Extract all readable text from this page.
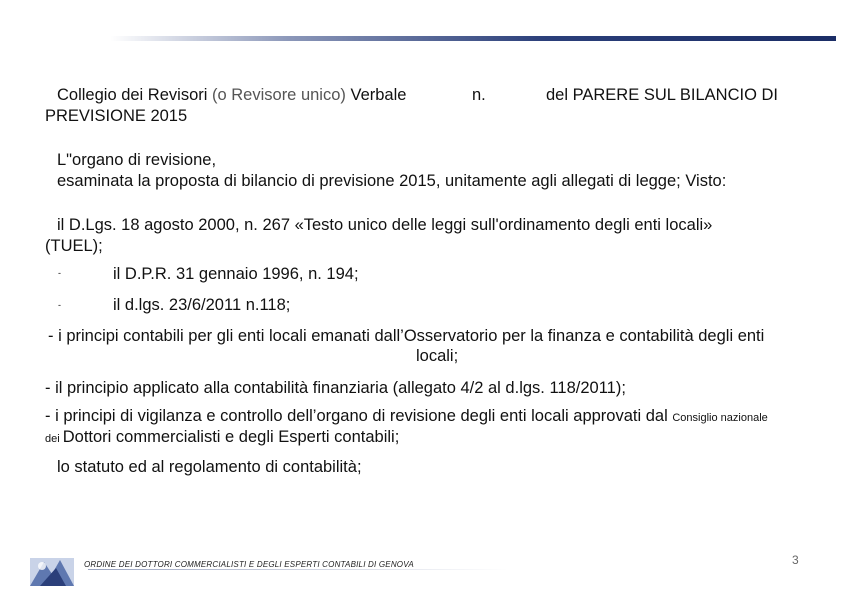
Collegio dei Revisori (o Revisore unico) Verbale	n.	del PARERE SUL BILANCIO DI
PREVISIONE 2015
L"organo di revisione,
esaminata la proposta di bilancio di previsione 2015, unitamente agli allegati di legge; Visto:
il D.Lgs. 18 agosto 2000, n. 267 «Testo unico delle leggi sull'ordinamento degli enti locali»
(TUEL);
-	il D.P.R. 31 gennaio 1996, n. 194;
-	il d.lgs. 23/6/2011 n.118;
- i principi contabili per gli enti locali emanati dall’Osservatorio per la finanza e contabilità degli enti
locali;
- il principio applicato alla contabilità finanziaria (allegato 4/2 al d.lgs. 118/2011);
- i principi di vigilanza e controllo dell’organo di revisione degli enti locali approvati dal Consiglio nazionale
dei Dottori commercialisti e degli Esperti contabili;
lo statuto ed al regolamento di contabilità;
ORDINE DEI DOTTORI COMMERCIALISTI E DEGLI ESPERTI CONTABILI DI GENOVA	3
